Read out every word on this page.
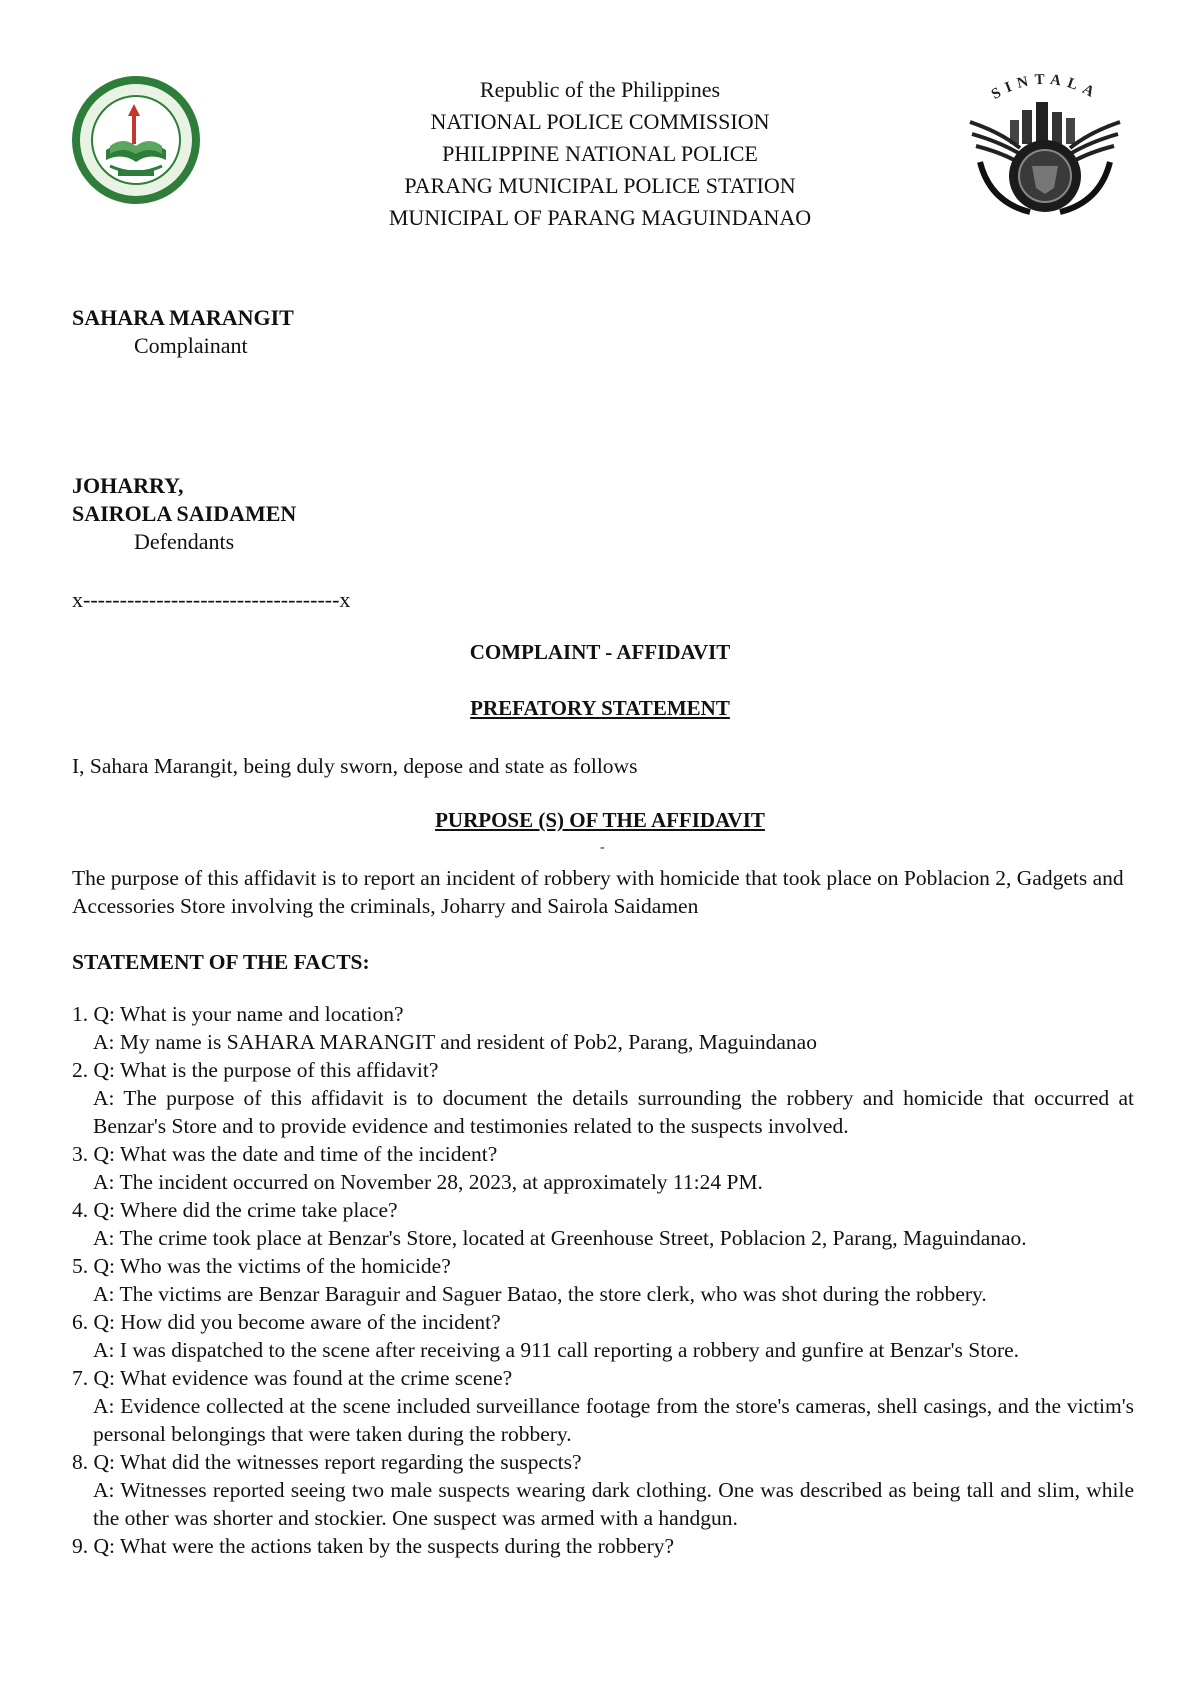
Republic of the Philippines
NATIONAL POLICE COMMISSION
PHILIPPINE NATIONAL POLICE
PARANG MUNICIPAL POLICE STATION
MUNICIPAL OF PARANG MAGUINDANAO
SINTALA
SAHARA MARANGIT
Complainant
JOHARRY,
SAIROLA SAIDAMEN
Defendants
x-----------------------------------x
COMPLAINT - AFFIDAVIT
PREFATORY STATEMENT
I, Sahara Marangit, being duly sworn, depose and state as follows
PURPOSE (S) OF THE AFFIDAVIT
-
The purpose of this affidavit is to report an incident of robbery with homicide that took place on Poblacion 2, Gadgets and Accessories Store involving the criminals, Joharry and Sairola Saidamen
STATEMENT OF THE FACTS:
1. Q: What is your name and location?
A: My name is SAHARA MARANGIT and resident of Pob2, Parang, Maguindanao
2. Q: What is the purpose of this affidavit?
A: The purpose of this affidavit is to document the details surrounding the robbery and homicide that occurred at Benzar's Store and to provide evidence and testimonies related to the suspects involved.
3. Q: What was the date and time of the incident?
A: The incident occurred on November 28, 2023, at approximately 11:24 PM.
4. Q: Where did the crime take place?
A: The crime took place at Benzar's Store, located at Greenhouse Street, Poblacion 2, Parang, Maguindanao.
5. Q: Who was the victims of the homicide?
A: The victims are Benzar Baraguir and Saguer Batao, the store clerk, who was shot during the robbery.
6. Q: How did you become aware of the incident?
A: I was dispatched to the scene after receiving a 911 call reporting a robbery and gunfire at Benzar's Store.
7. Q: What evidence was found at the crime scene?
A: Evidence collected at the scene included surveillance footage from the store's cameras, shell casings, and the victim's personal belongings that were taken during the robbery.
8. Q: What did the witnesses report regarding the suspects?
A: Witnesses reported seeing two male suspects wearing dark clothing. One was described as being tall and slim, while the other was shorter and stockier. One suspect was armed with a handgun.
9. Q: What were the actions taken by the suspects during the robbery?
